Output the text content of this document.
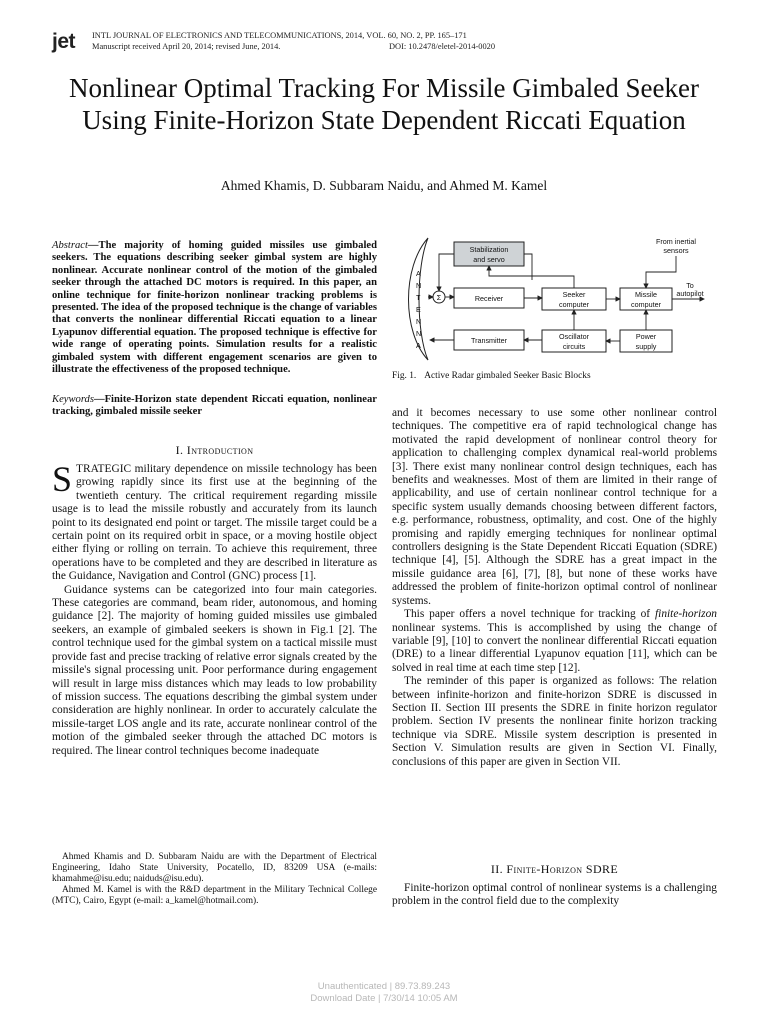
jet INTL JOURNAL OF ELECTRONICS AND TELECOMMUNICATIONS, 2014, VOL. 60, NO. 2, PP. 165–171
Manuscript received April 20, 2014; revised June, 2014.	DOI: 10.2478/eletel-2014-0020
Nonlinear Optimal Tracking For Missile Gimbaled Seeker Using Finite-Horizon State Dependent Riccati Equation
Ahmed Khamis, D. Subbaram Naidu, and Ahmed M. Kamel
Abstract—The majority of homing guided missiles use gimbaled seekers. The equations describing seeker gimbal system are highly nonlinear. Accurate nonlinear control of the motion of the gimbaled seeker through the attached DC motors is required. In this paper, an online technique for finite-horizon nonlinear tracking problems is presented. The idea of the proposed technique is the change of variables that converts the nonlinear differential Riccati equation to a linear Lyapunov differential equation. The proposed technique is effective for wide range of operating points. Simulation results for a realistic gimbaled system with different engagement scenarios are given to illustrate the effectiveness of the proposed technique.
Keywords—Finite-Horizon state dependent Riccati equation, nonlinear tracking, gimbaled missile seeker
I. Introduction

STRATEGIC military dependence on missile technology has been growing rapidly since its first use at the beginning of the twentieth century. The critical requirement regarding missile usage is to lead the missile robustly and accurately from its launch point to its designated end point or target. The missile target could be a certain point on its required orbit in space, or a moving hostile object either flying or rolling on terrain. To achieve this requirement, three operations have to be completed and they are described in literature as the Guidance, Navigation and Control (GNC) process [1].

Guidance systems can be categorized into four main categories. These categories are command, beam rider, autonomous, and homing guidance [2]. The majority of homing guided missiles use gimbaled seekers, an example of gimbaled seekers is shown in Fig.1 [2]. The control technique used for the gimbal system on a tactical missile must provide fast and precise tracking of relative error signals created by the missile's signal processing unit. Poor performance during engagement will result in large miss distances which may leads to low probability of mission success. The equations describing the gimbal system under consideration are highly nonlinear. In order to accurately calculate the missile-target LOS angle and its rate, accurate nonlinear control of the motion of the gimbaled seeker through the attached DC motors is required. The linear control techniques become inadequate

Ahmed Khamis and D. Subbaram Naidu are with the Department of Electrical Engineering, Idaho State University, Pocatello, ID, 83209 USA (e-mails: khamahme@isu.edu; naiduds@isu.edu).

Ahmed M. Kamel is with the R&D department in the Military Technical College (MTC), Cairo, Egypt (e-mail: a_kamel@hotmail.com).

A
N
T
E
N
N
A
Stabilization
and servo
Σ	Receiver	Seeker
computer
Missile
computer
Transmitter	Oscillator
circuits
Power
supply
From inertial
sensors
To
autopilot
Fig. 1. Active Radar gimbaled Seeker Basic Blocks

and it becomes necessary to use some other nonlinear control techniques. The competitive era of rapid technological change has motivated the rapid development of nonlinear control theory for application to challenging complex dynamical real-world problems [3]. There exist many nonlinear control design techniques, each has benefits and weaknesses. Most of them are limited in their range of applicability, and use of certain nonlinear control technique for a specific system usually demands choosing between different factors, e.g. performance, robustness, optimality, and cost. One of the highly promising and rapidly emerging techniques for nonlinear optimal controllers designing is the State Dependent Riccati Equation (SDRE) technique [4], [5]. Although the SDRE has a great impact in the missile guidance area [6], [7], [8], but none of these works have addressed the problem of finite-horizon optimal control of nonlinear systems.

This paper offers a novel technique for tracking of finite-horizon nonlinear systems. This is accomplished by using the change of variable [9], [10] to convert the nonlinear differential Riccati equation (DRE) to a linear differential Lyapunov equation [11], which can be solved in real time at each time step [12].

The reminder of this paper is organized as follows: The relation between infinite-horizon and finite-horizon SDRE is discussed in Section II. Section III presents the SDRE in finite horizon regulator problem. Section IV presents the nonlinear finite horizon tracking technique via SDRE. Missile system description is presented in Section V. Simulation results are given in Section VI. Finally, conclusions of this paper are given in Section VII.

II. Finite-Horizon SDRE

Finite-horizon optimal control of nonlinear systems is a challenging problem in the control field due to the complexity

Unauthenticated | 89.73.89.243
Download Date | 7/30/14 10:05 AM
